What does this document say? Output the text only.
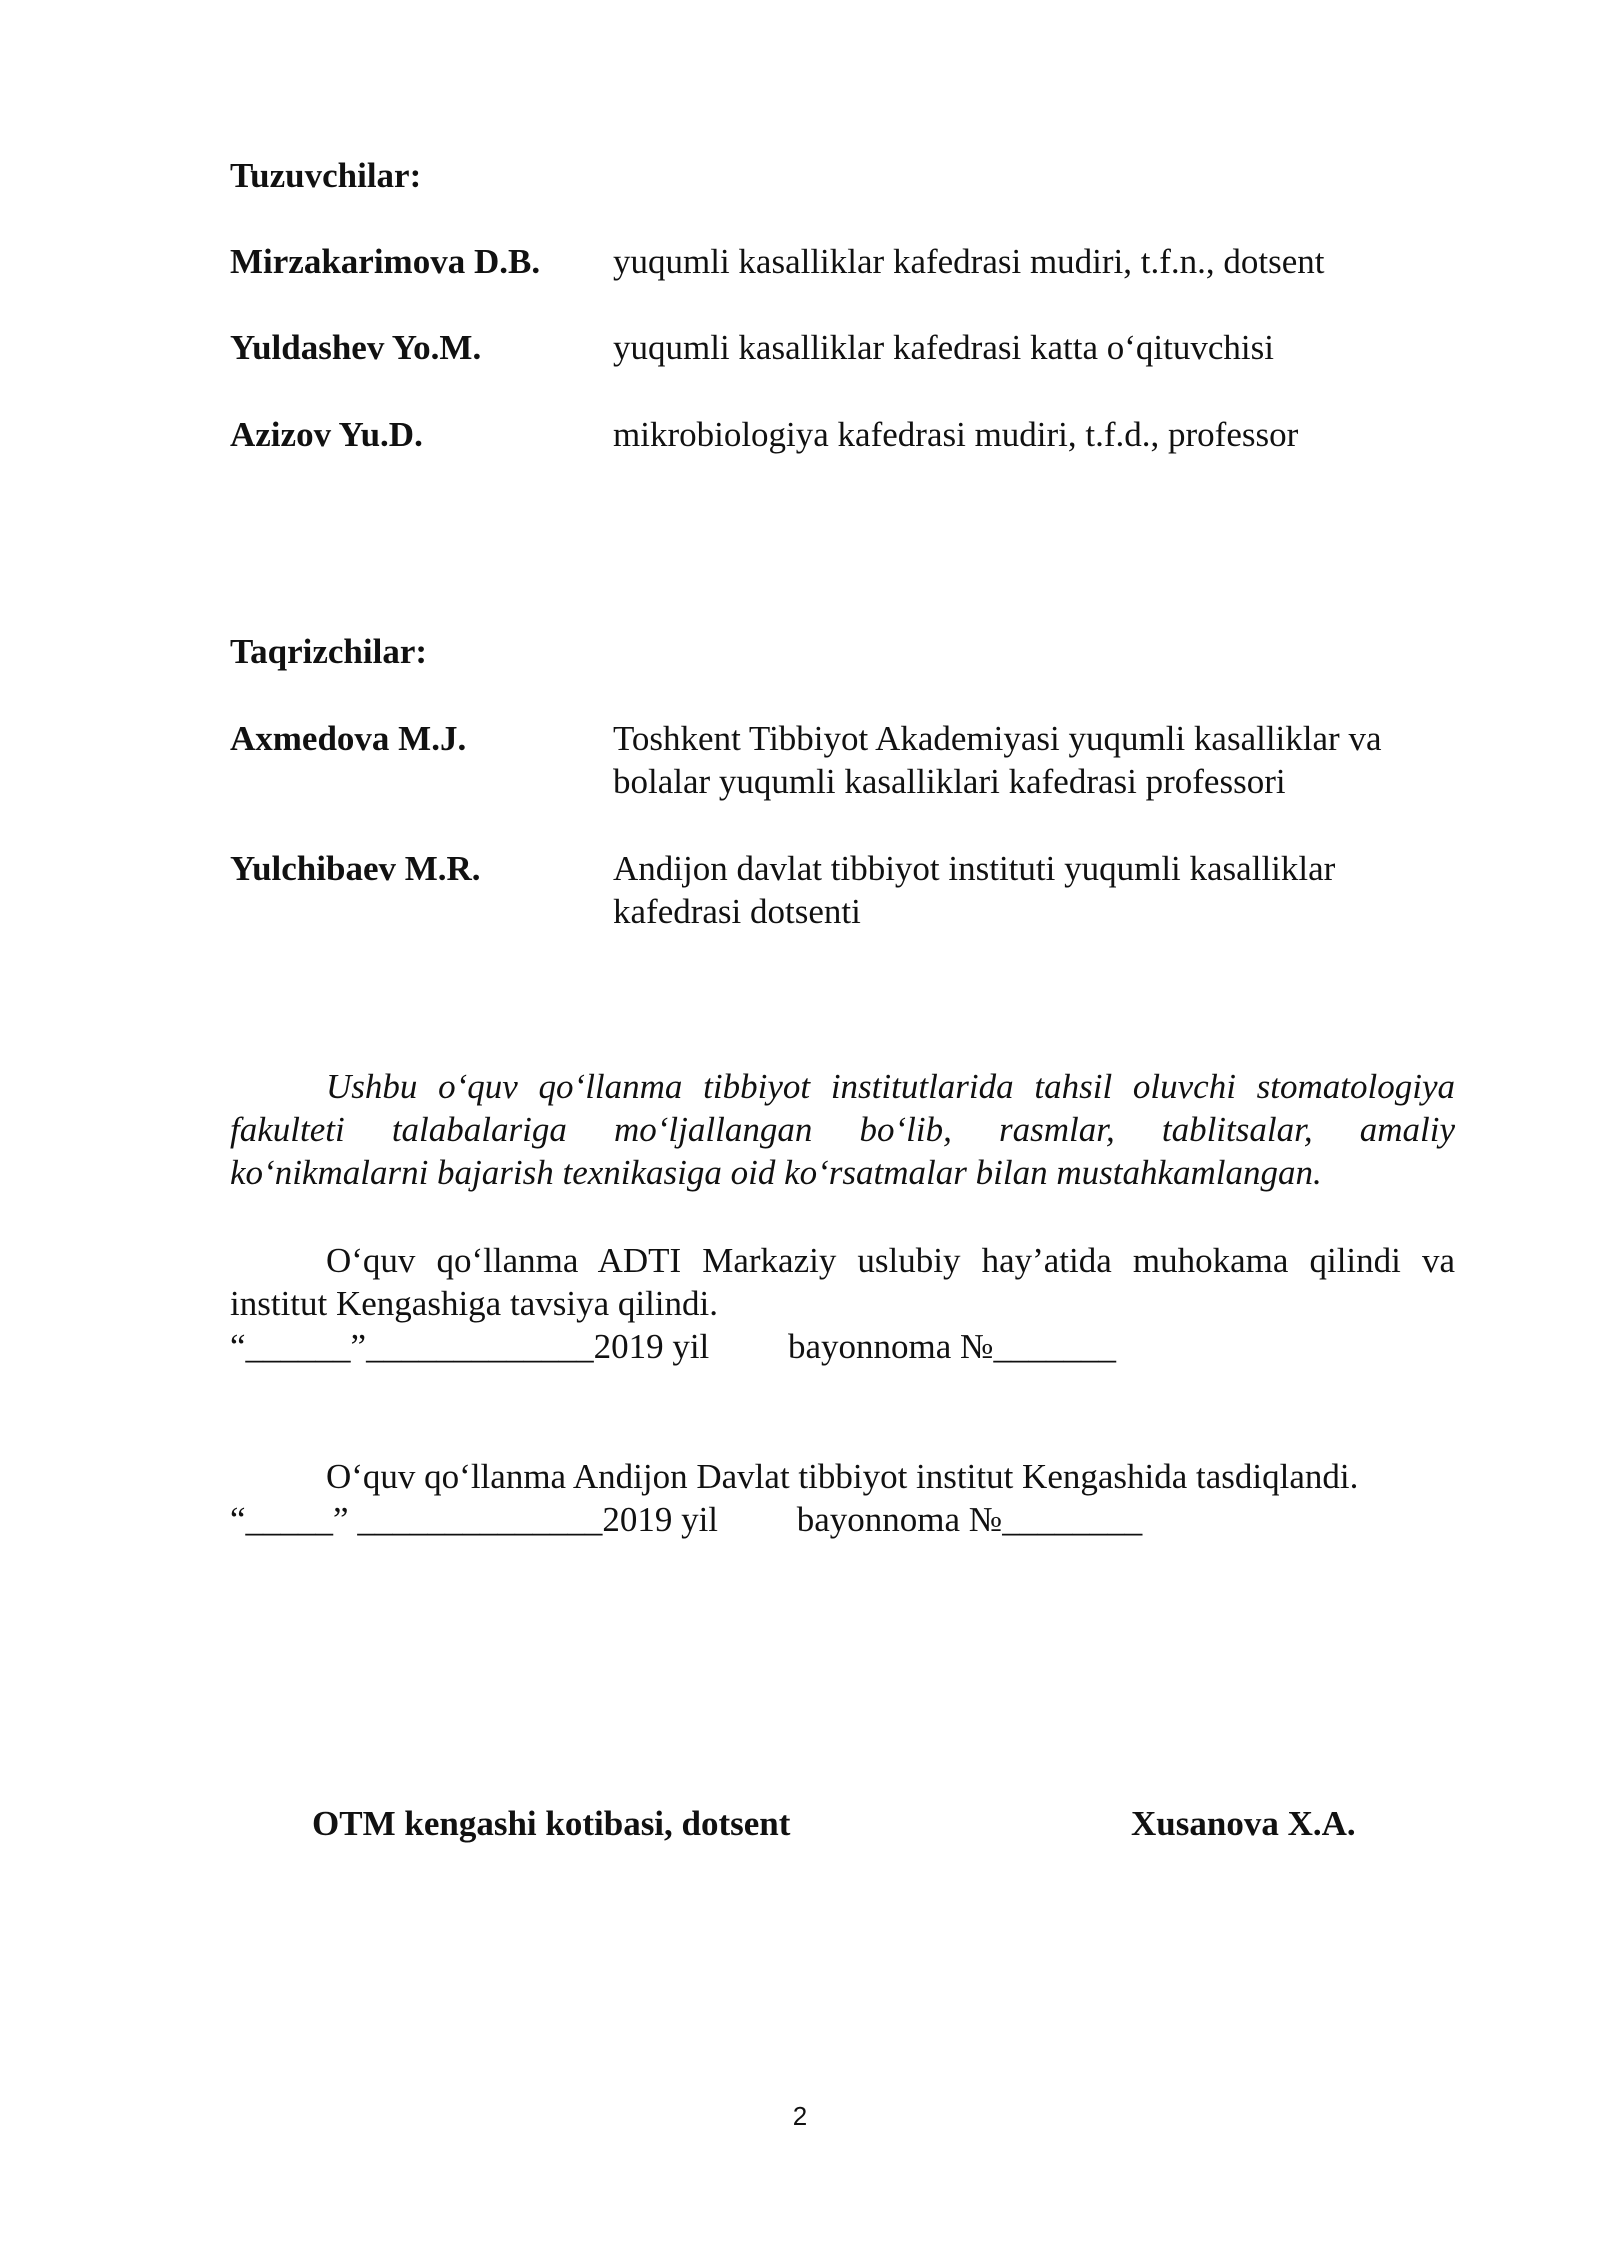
Tuzuvchilar:
Mirzakarimova D.B. yuqumli kasalliklar kafedrasi mudiri, t.f.n., dotsent
Yuldashev Yo.M.	yuqumli kasalliklar kafedrasi katta o‘qituvchisi
Azizov Yu.D.	mikrobiologiya kafedrasi mudiri, t.f.d., professor
Taqrizchilar:
Axmedova M.J.	Toshkent Tibbiyot Akademiyasi yuqumli kasalliklar va
bolalar yuqumli kasalliklari kafedrasi professori
Yulchibaev M.R.	Andijon davlat tibbiyot instituti yuqumli kasalliklar
kafedrasi dotsenti
Ushbu o‘quv qo‘llanma tibbiyot institutlarida tahsil oluvchi stomatologiya
fakulteti talabalariga mo‘ljallangan bo‘lib, rasmlar, tablitsalar, amaliy
ko‘nikmalarni bajarish texnikasiga oid ko‘rsatmalar bilan mustahkamlangan.
O‘quv qo‘llanma ADTI Markaziy uslubiy hay’atida muhokama qilindi va
institut Kengashiga tavsiya qilindi.
“______”_____________2019 yil         bayonnoma №_______
O‘quv qo‘llanma Andijon Davlat tibbiyot institut Kengashida tasdiqlandi.
“_____” ______________2019 yil         bayonnoma №________
OTM kengashi kotibasi, dotsent	Xusanova X.A.
2
